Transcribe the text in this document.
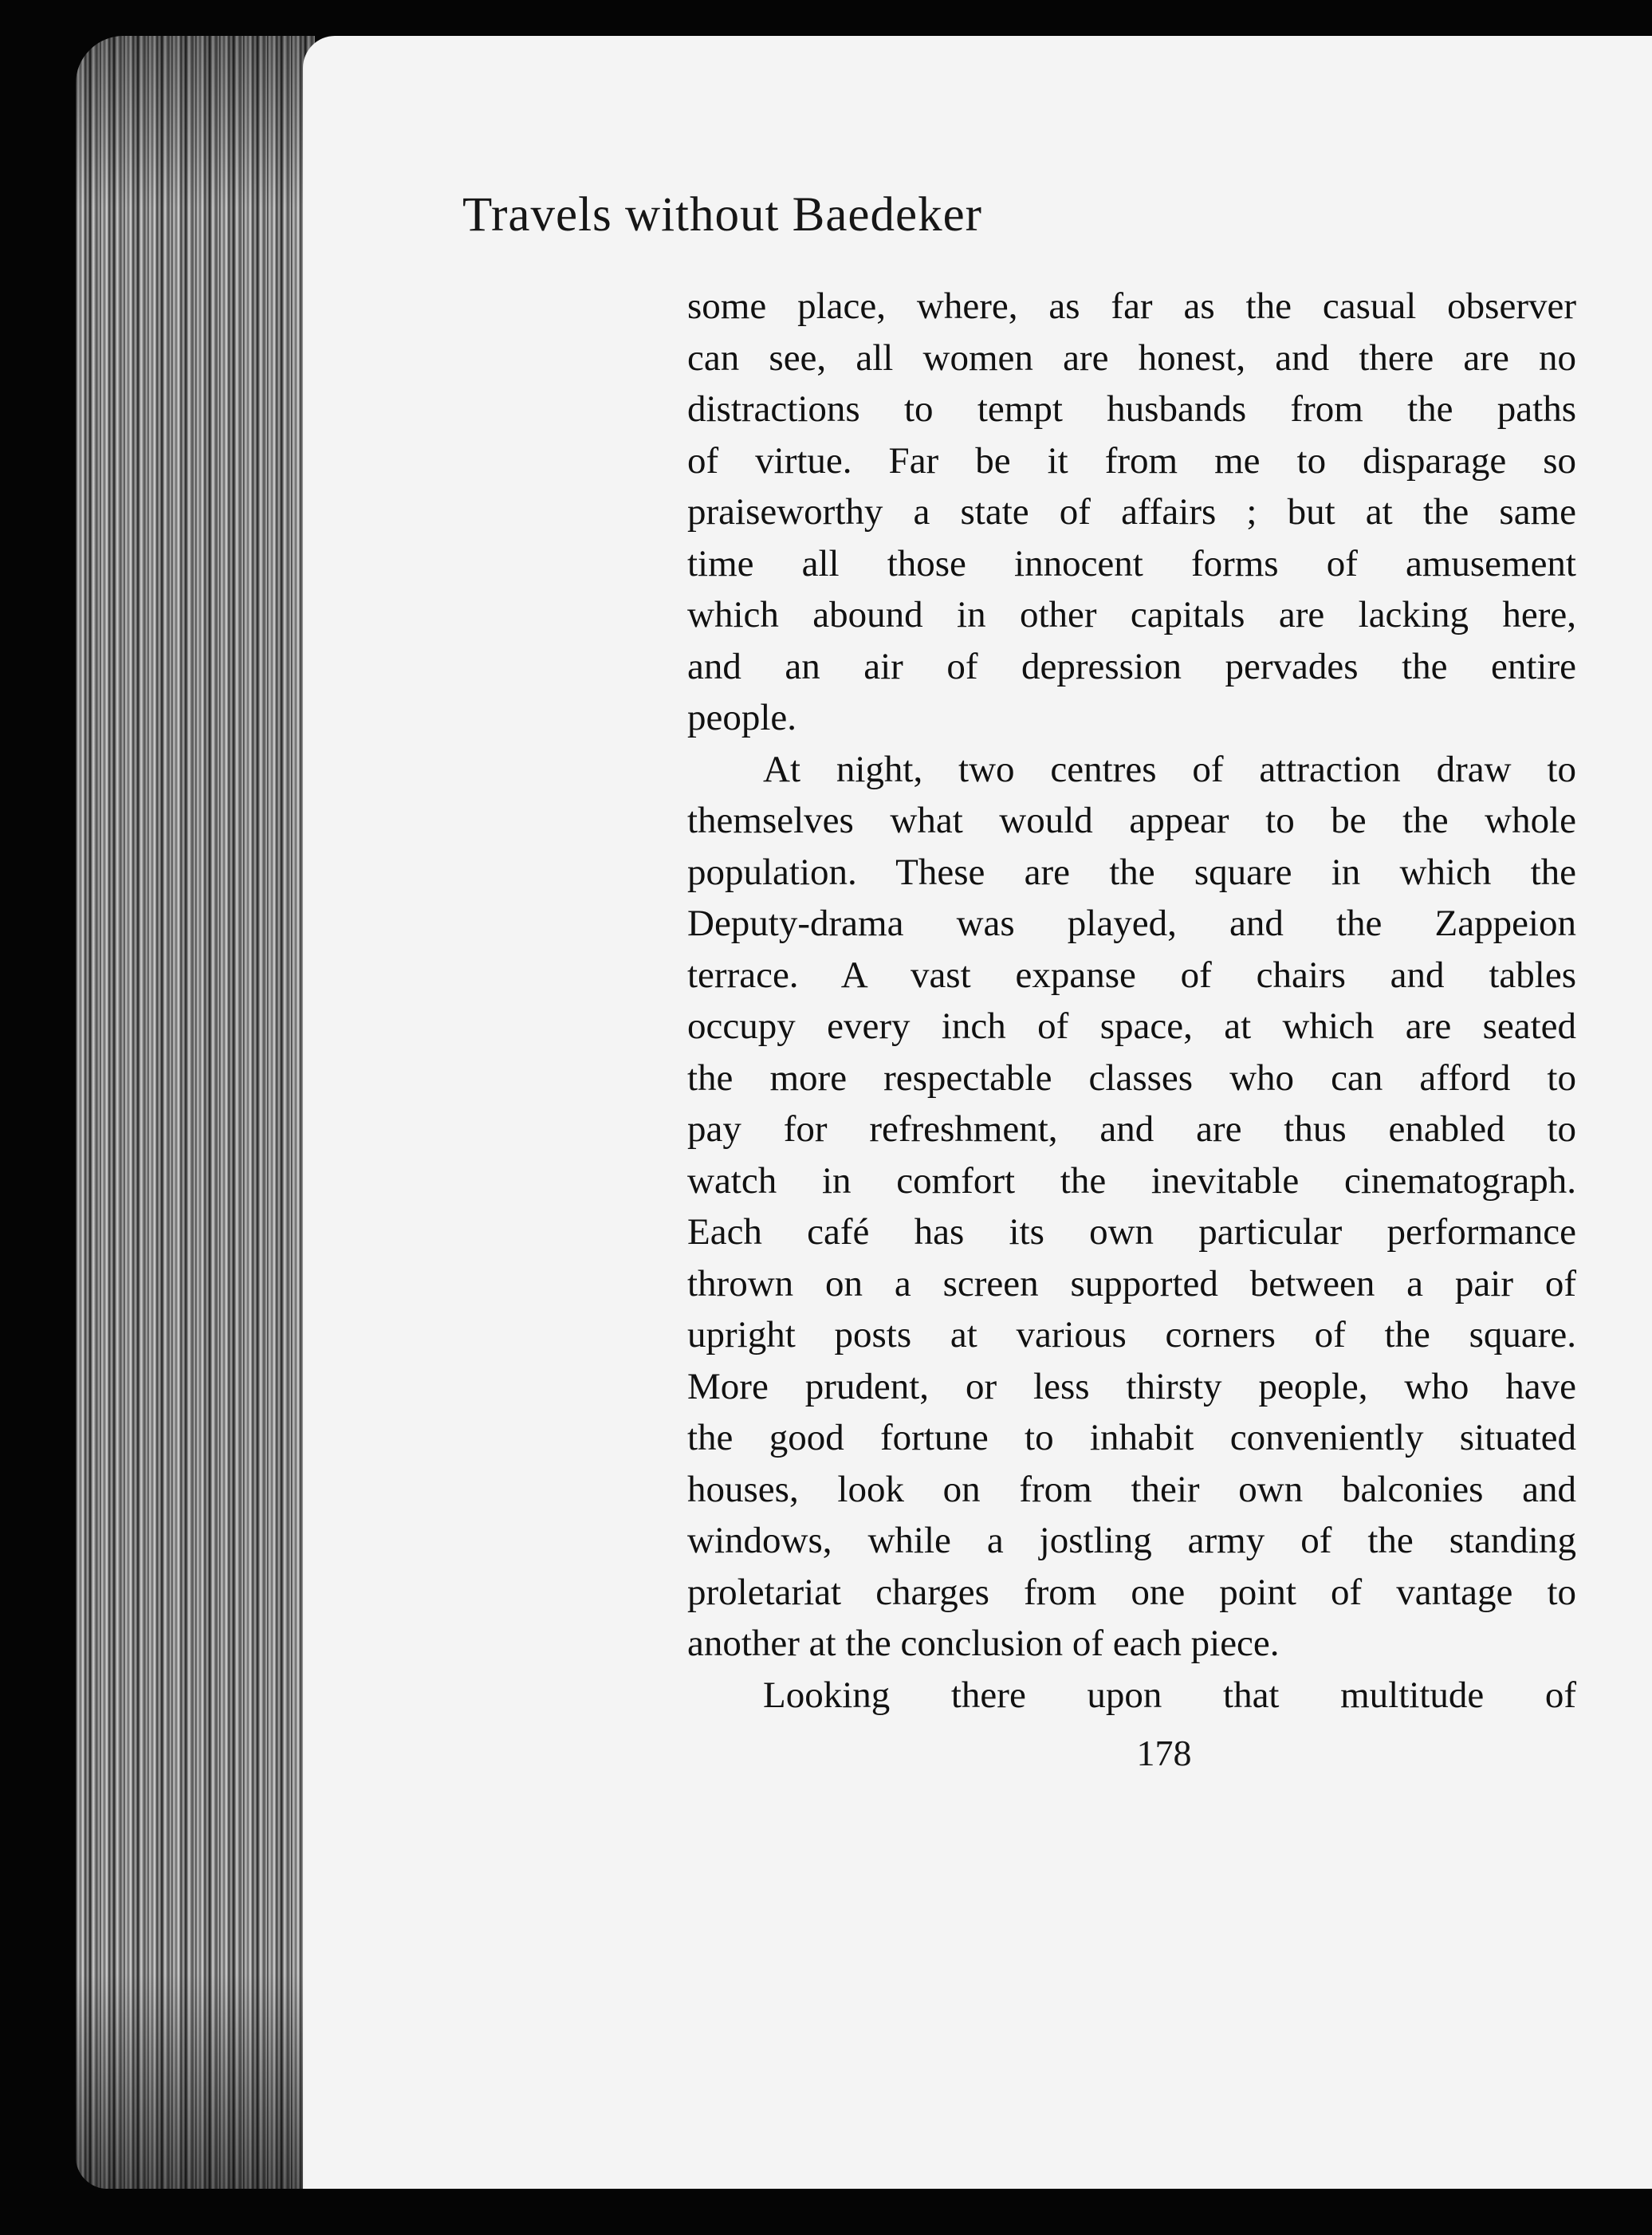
Travels without Baedeker
some place, where, as far as the casual observer
can see, all women are honest, and there are no
distractions to tempt husbands from the paths
of virtue. Far be it from me to disparage so
praiseworthy a state of affairs ; but at the same
time all those innocent forms of amusement
which abound in other capitals are lacking here,
and an air of depression pervades the entire
people.
At night, two centres of attraction draw to
themselves what would appear to be the whole
population. These are the square in which the
Deputy-drama was played, and the Zappeion
terrace. A vast expanse of chairs and tables
occupy every inch of space, at which are seated
the more respectable classes who can afford to
pay for refreshment, and are thus enabled to
watch in comfort the inevitable cinematograph.
Each café has its own particular performance
thrown on a screen supported between a pair of
upright posts at various corners of the square.
More prudent, or less thirsty people, who have
the good fortune to inhabit conveniently situated
houses, look on from their own balconies and
windows, while a jostling army of the standing
proletariat charges from one point of vantage to
another at the conclusion of each piece.
Looking there upon that multitude of
178
